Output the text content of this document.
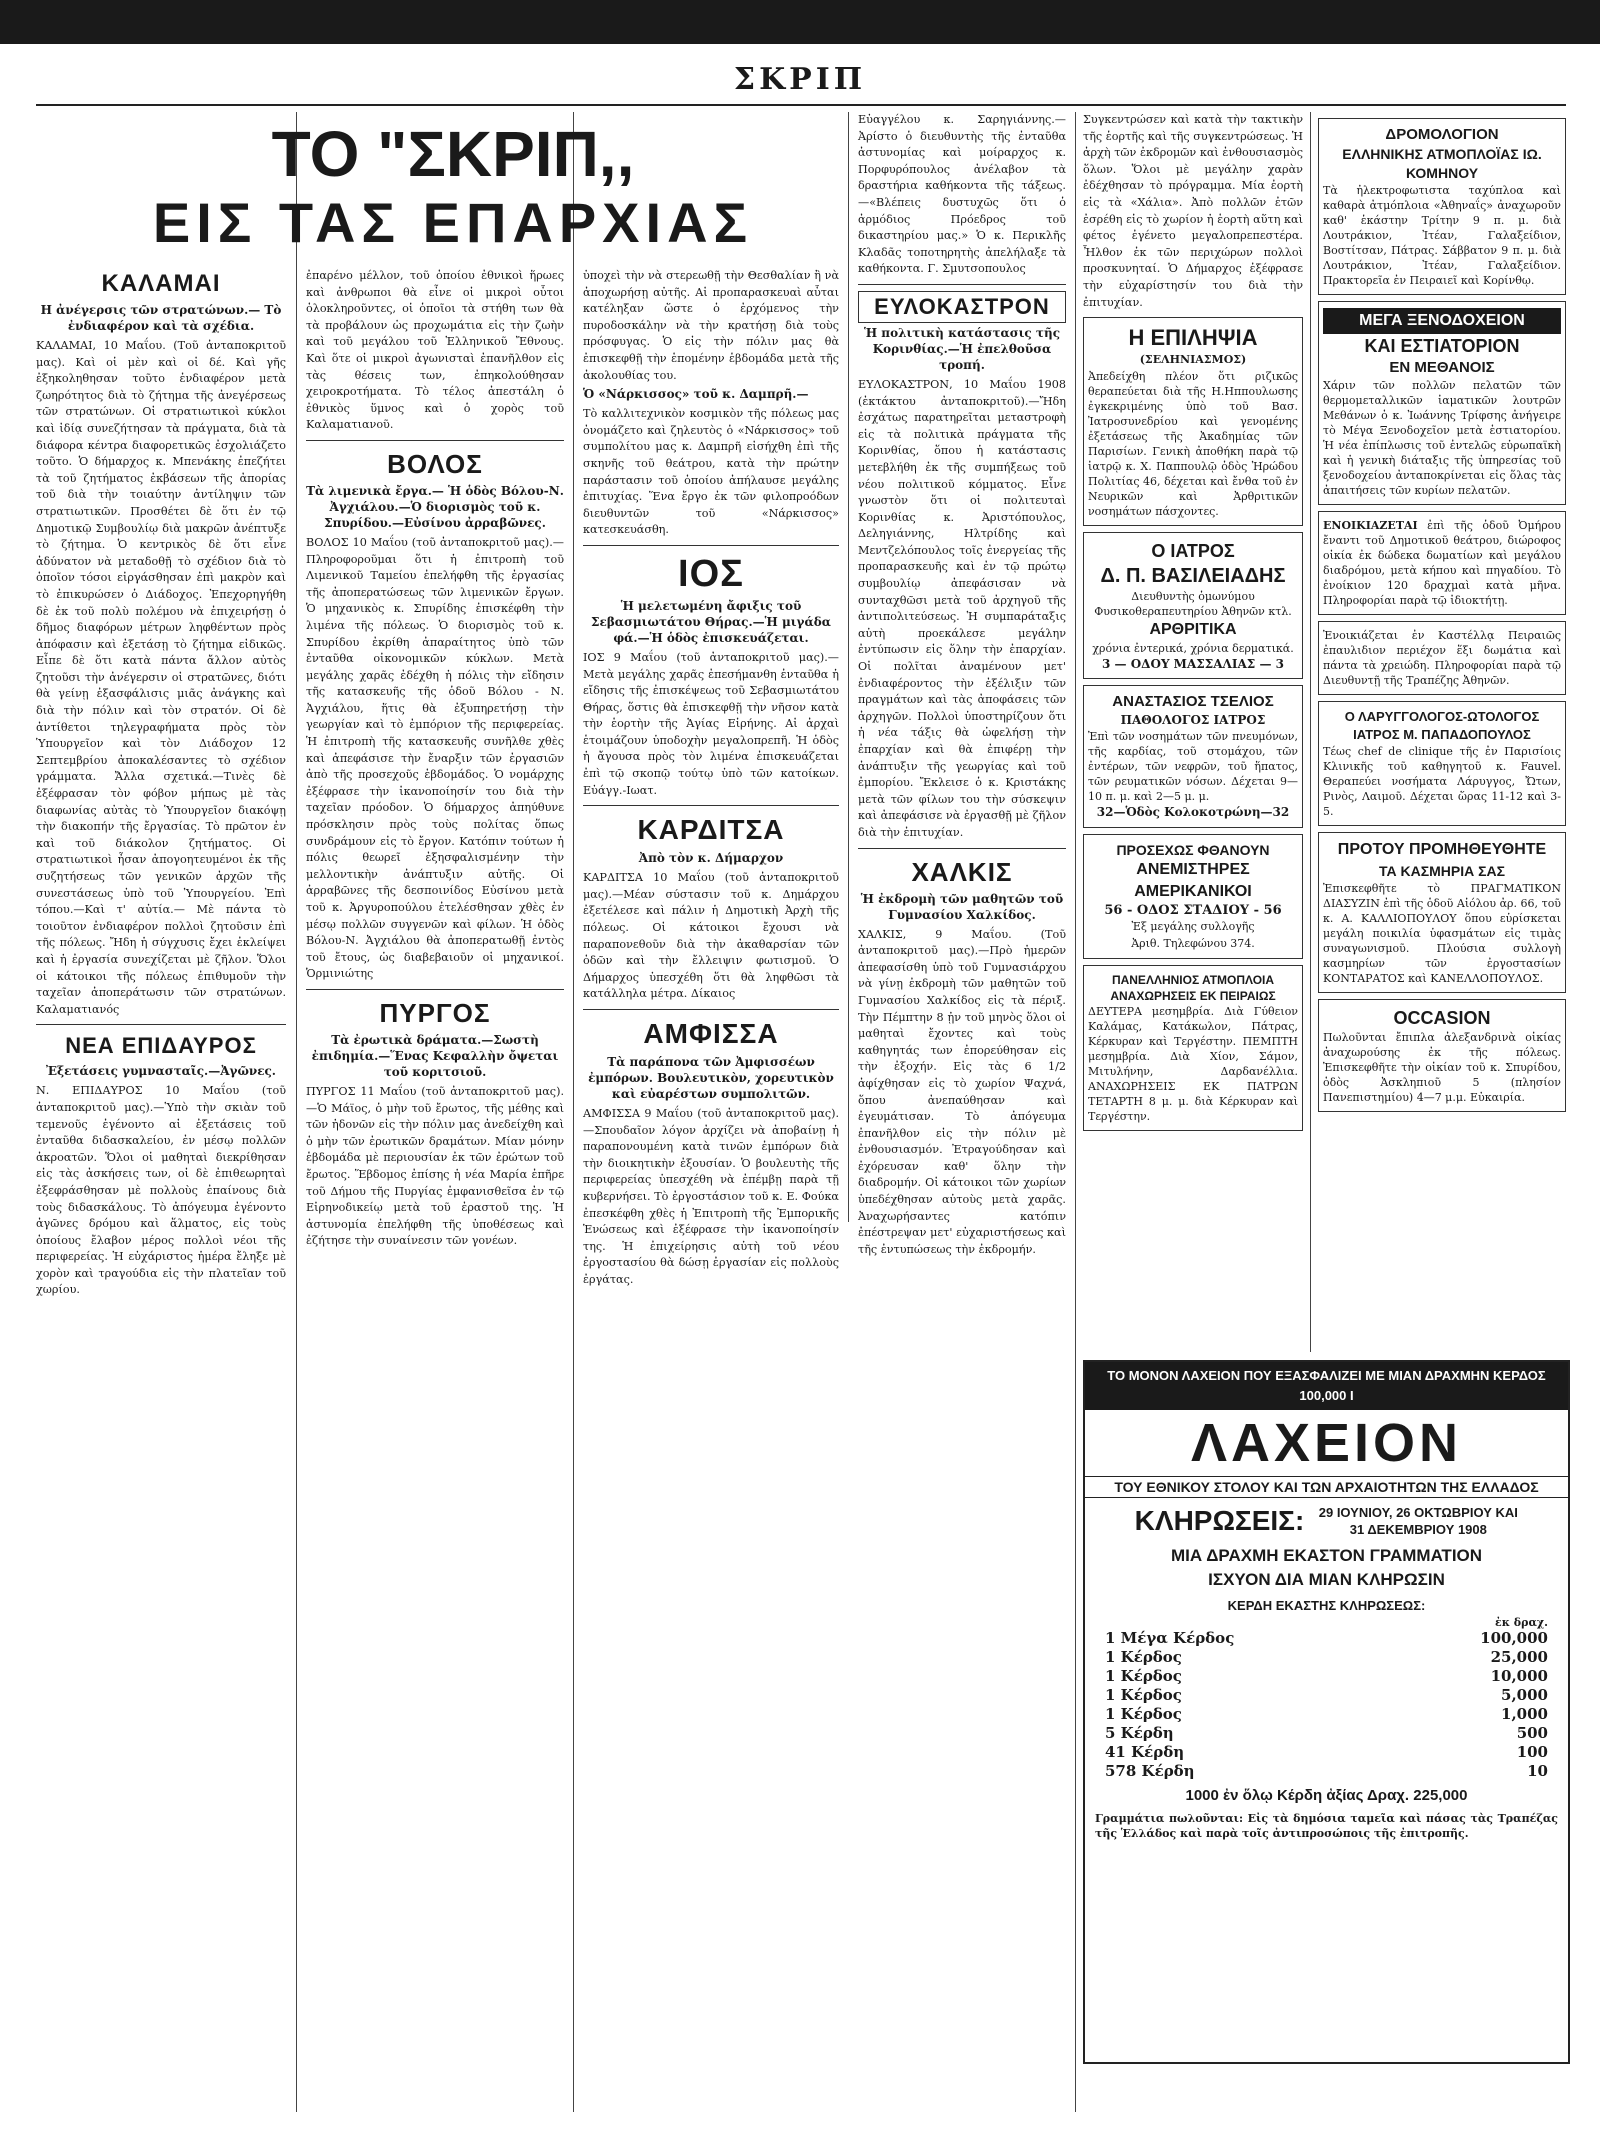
ΣΚΡΙΠ
ΤΟ "ΣΚΡΙΠ,,
ΕΙΣ ΤΑΣ ΕΠΑΡΧΙΑΣ
ΚΑΛΑΜΑΙ
Η ἀνέγερσις τῶν στρατώνων.— Τὸ ἐνδιαφέρον καὶ τὰ σχέδια.

ΚΑΛΑΜΑΙ, 10 Μαΐου. (Τοῦ ἀνταποκριτοῦ μας). Καὶ οἱ μὲν καὶ οἱ δέ. Καὶ γῆς ἐξηκοληθησαν τοῦτο ἐνδιαφέρον μετὰ ζωηρότητος διὰ τὸ ζήτημα τῆς ἀνεγέρσεως τῶν στρατώνων. Οἱ στρατιωτικοὶ κύκλοι καὶ ἰδίᾳ συνεζήτησαν τὰ πράγματα, διὰ τὰ διάφορα κέντρα διαφορετικῶς ἐσχολιάζετο τοῦτο. Ὁ δήμαρχος κ. Μπενάκης ἐπεζήτει τὰ τοῦ ζητήματος ἐκβάσεων τῆς ἀπορίας τοῦ διὰ τὴν τοιαύτην ἀντίληψιν τῶν στρατιωτικῶν. Προσθέτει δὲ ὅτι ἐν τῷ Δημοτικῷ Συμβουλίῳ διὰ μακρῶν ἀνέπτυξε τὸ ζήτημα. Ὁ κεντρικὸς δὲ ὅτι εἶνε ἀδύνατον νὰ μεταδοθῇ τὸ σχέδιον διὰ τὸ ὁποῖον τόσοι εἰργάσθησαν ἐπὶ μακρὸν καὶ τὸ ἐπικυρώσεν ὁ Διάδοχος. Ἐπεχορηγήθη δὲ ἐκ τοῦ πολὺ πολέμου νὰ ἐπιχειρήσῃ ὁ δῆμος διαφόρων μέτρων ληφθέντων πρὸς ἀπόφασιν καὶ ἐξετάσῃ τὸ ζήτημα εἰδικῶς. Εἶπε δὲ ὅτι κατὰ πάντα ἄλλον αὐτὸς ζητοῦσι τὴν ἀνέγερσιν οἱ στρατῶνες, διότι θὰ γείνῃ ἐξασφάλισις μιᾶς ἀνάγκης καὶ διὰ τὴν πόλιν καὶ τὸν στρατόν. Οἱ δὲ ἀντίθετοι τηλεγραφήματα πρὸς τὸν Ὑπουργεῖον καὶ τὸν Διάδοχον 12 Σεπτεμβρίου ἀποκαλέσαντες τὸ σχέδιον γράμματα. Ἄλλα σχετικά.—Τινὲς δὲ ἐξέφρασαν τὸν φόβον μήπως μὲ τὰς διαφωνίας αὐτὰς τὸ Ὑπουργεῖον διακόψῃ τὴν διακοπήν τῆς ἔργασίας. Τὸ πρῶτον ἐν καὶ τοῦ διάκολον ζητήματος. Οἱ στρατιωτικοὶ ἦσαν ἀπογοητευμένοι ἐκ τῆς συζητήσεως τῶν γενικῶν ἀρχῶν τῆς συνεστάσεως ὑπὸ τοῦ Ὑπουργείου. Ἐπὶ τόπου.—Καὶ τ' αὐτία.— Μὲ πάντα τὸ τοιοῦτον ἐνδιαφέρον πολλοὶ ζητοῦσιν ἐπὶ τῆς πόλεως. Ἤδη ἡ σύγχυσις ἔχει ἐκλείψει καὶ ἡ ἐργασία συνεχίζεται μὲ ζῆλον. Ὅλοι οἱ κάτοικοι τῆς πόλεως ἐπιθυμοῦν τὴν ταχεῖαν ἀποπεράτωσιν τῶν στρατώνων. Καλαματιανός

ΝΕΑ ΕΠΙΔΑΥΡΟΣ
Ἐξετάσεις γυμνασταῖς.—Ἀγῶνες.

Ν. ΕΠΙΔΑΥΡΟΣ 10 Μαΐου (τοῦ ἀνταποκριτοῦ μας).—Ὑπὸ τὴν σκιὰν τοῦ τεμενοῦς ἐγένοντο αἱ ἐξετάσεις τοῦ ἐνταῦθα διδασκαλείου, ἐν μέσῳ πολλῶν ἀκροατῶν. Ὅλοι οἱ μαθηταὶ διεκρίθησαν εἰς τὰς ἀσκήσεις των, οἱ δὲ ἐπιθεωρηταὶ ἐξεφράσθησαν μὲ πολλοὺς ἐπαίνους διὰ τοὺς διδασκάλους. Τὸ ἀπόγευμα ἐγένοντο ἀγῶνες δρόμου καὶ ἅλματος, εἰς τοὺς ὁποίους ἔλαβον μέρος πολλοὶ νέοι τῆς περιφερείας. Ἡ εὐχάριστος ἡμέρα ἔληξε μὲ χορὸν καὶ τραγούδια εἰς τὴν πλατεῖαν τοῦ χωρίου.

ἐπαρένο μέλλον, τοῦ ὁποίου ἐθνικοὶ ἥρωες καὶ ἀνθρωποι θὰ εἶνε οἱ μικροὶ οὗτοι ὁλοκληροῦντες, οἱ ὁποῖοι τὰ στήθη των θὰ τὰ προβάλουν ὡς προχωμάτια εἰς τὴν ζωὴν καὶ τοῦ μεγάλου τοῦ Ἑλληνικοῦ Ἔθνους. Καὶ ὅτε οἱ μικροὶ ἀγωνισταὶ ἐπανῆλθον εἰς τὰς θέσεις των, ἐπηκολούθησαν χειροκροτήματα. Τὸ τέλος ἀπεστάλη ὁ ἐθνικὸς ὕμνος καὶ ὁ χορὸς τοῦ Καλαματιανοῦ.

ΒΟΛΟΣ
Τὰ λιμενικὰ ἔργα.— Ἡ ὁδὸς Βόλου-Ν. Ἀγχιάλου.—Ὁ διορισμὸς τοῦ κ. Σπυρίδου.—Εὐσίνου ἀρραβῶνες.

ΒΟΛΟΣ 10 Μαΐου (τοῦ ἀνταποκριτοῦ μας).—Πληροφοροῦμαι ὅτι ἡ ἐπιτροπὴ τοῦ Λιμενικοῦ Ταμείου ἐπελήφθη τῆς ἐργασίας τῆς ἀποπερατώσεως τῶν λιμενικῶν ἔργων. Ὁ μηχανικὸς κ. Σπυρίδης ἐπισκέφθη τὴν λιμένα τῆς πόλεως. Ὁ διορισμὸς τοῦ κ. Σπυρίδου ἐκρίθη ἀπαραίτητος ὑπὸ τῶν ἐνταῦθα οἰκονομικῶν κύκλων. Μετὰ μεγάλης χαρᾶς ἐδέχθη ἡ πόλις τὴν εἴδησιν τῆς κατασκευῆς τῆς ὁδοῦ Βόλου - Ν. Ἀγχιάλου, ἥτις θὰ ἐξυπηρετήσῃ τὴν γεωργίαν καὶ τὸ ἐμπόριον τῆς περιφερείας. Ἡ ἐπιτροπὴ τῆς κατασκευῆς συνῆλθε χθὲς καὶ ἀπεφάσισε τὴν ἔναρξιν τῶν ἐργασιῶν ἀπὸ τῆς προσεχοῦς ἑβδομάδος. Ὁ νομάρχης ἐξέφρασε τὴν ἱκανοποίησίν του διὰ τὴν ταχεῖαν πρόοδον. Ὁ δήμαρχος ἀπηύθυνε πρόσκλησιν πρὸς τοὺς πολίτας ὅπως συνδράμουν εἰς τὸ ἔργον. Κατόπιν τούτων ἡ πόλις θεωρεῖ ἐξησφαλισμένην τὴν μελλοντικὴν ἀνάπτυξιν αὐτῆς. Οἱ ἀρραβῶνες τῆς δεσποινίδος Εὐσίνου μετὰ τοῦ κ. Ἀργυροπούλου ἐτελέσθησαν χθὲς ἐν μέσῳ πολλῶν συγγενῶν καὶ φίλων. Ἡ ὁδὸς Βόλου-Ν. Ἀγχιάλου θὰ ἀποπερατωθῇ ἐντὸς τοῦ ἔτους, ὡς διαβεβαιοῦν οἱ μηχανικοί. Ὁρμινιώτης

ΠΥΡΓΟΣ
Τὰ ἐρωτικὰ δράματα.—Σωστὴ ἐπιδημία.—Ἕνας Κεφαλλὴν ὄψεται τοῦ κοριτσιοῦ.

ΠΥΡΓΟΣ 11 Μαΐου (τοῦ ἀνταποκριτοῦ μας).—Ὁ Μάϊος, ὁ μὴν τοῦ ἔρωτος, τῆς μέθης καὶ τῶν ἡδονῶν εἰς τὴν πόλιν μας ἀνεδείχθη καὶ ὁ μὴν τῶν ἐρωτικῶν δραμάτων. Μίαν μόνην ἑβδομάδα μὲ περιουσίαν ἐκ τῶν ἐρώτων τοῦ ἔρωτος. Ἕβδομος ἐπίσης ἡ νέα Μαρία ἐπῆρε τοῦ Δήμου τῆς Πυργίας ἐμφανισθεῖσα ἐν τῷ Εἰρηνοδικείῳ μετὰ τοῦ ἐραστοῦ της. Ἡ ἀστυνομία ἐπελήφθη τῆς ὑποθέσεως καὶ ἐζήτησε τὴν συναίνεσιν τῶν γονέων.

ὑποχεὶ τὴν νὰ στερεωθῇ τὴν Θεσθαλίαν ἢ νὰ ἀποχωρήσῃ αὐτῆς. Αἱ προπαρασκευαὶ αὗται κατέληξαν ὥστε ὁ ἐρχόμενος τὴν πυροδοσκάλην νὰ τὴν κρατήσῃ διὰ τοὺς πρόσφυγας. Ὁ εἰς τὴν πόλιν μας θὰ ἐπισκεφθῇ τὴν ἑπομένην ἑβδομάδα μετὰ τῆς ἀκολουθίας του.

Ὁ «Νάρκισσος» τοῦ κ. Δαμπρῆ.—

Τὸ καλλιτεχνικὸν κοσμικὸν τῆς πόλεως μας ὀνομάζετο καὶ ζηλευτὸς ὁ «Νάρκισσος» τοῦ συμπολίτου μας κ. Δαμπρῆ εἰσήχθη ἐπὶ τῆς σκηνῆς τοῦ θεάτρου, κατὰ τὴν πρώτην παράστασιν τοῦ ὁποίου ἀπήλαυσε μεγάλης ἐπιτυχίας. Ἕνα ἔργο ἐκ τῶν φιλοπροόδων διευθυντῶν τοῦ «Νάρκισσος» κατεσκευάσθη.

ΙΟΣ
Ἡ μελετωμένη ἄφιξις τοῦ Σεβασμιωτάτου Θήρας.—Ἡ μιγάδα φά.—Ἡ ὁδὸς ἐπισκευάζεται.

ΙΟΣ 9 Μαΐου (τοῦ ἀνταποκριτοῦ μας).—Μετὰ μεγάλης χαρᾶς ἐπεσήμανθη ἐνταῦθα ἡ εἴδησις τῆς ἐπισκέψεως τοῦ Σεβασμιωτάτου Θήρας, ὅστις θὰ ἐπισκεφθῇ τὴν νῆσον κατὰ τὴν ἑορτὴν τῆς Ἁγίας Εἰρήνης. Αἱ ἀρχαὶ ἑτοιμάζουν ὑποδοχὴν μεγαλοπρεπῆ. Ἡ ὁδὸς ἡ ἄγουσα πρὸς τὸν λιμένα ἐπισκευάζεται ἐπὶ τῷ σκοπῷ τούτῳ ὑπὸ τῶν κατοίκων. Εὐάγγ.-Ιωατ.

ΚΑΡΔΙΤΣΑ
Ἀπὸ τὸν κ. Δήμαρχον

ΚΑΡΔΙΤΣΑ 10 Μαΐου (τοῦ ἀνταποκριτοῦ μας).—Μέαν σύστασιν τοῦ κ. Δημάρχου ἐξετέλεσε καὶ πάλιν ἡ Δημοτικὴ Ἀρχὴ τῆς πόλεως. Οἱ κάτοικοι ἔχουσι νὰ παραπονεθοῦν διὰ τὴν ἀκαθαρσίαν τῶν ὁδῶν καὶ τὴν ἔλλειψιν φωτισμοῦ. Ὁ Δήμαρχος ὑπεσχέθη ὅτι θὰ ληφθῶσι τὰ κατάλληλα μέτρα. Δίκαιος

ΑΜΦΙΣΣΑ
Τὰ παράπονα τῶν Ἀμφισσέων ἐμπόρων. Βουλευτικὸν, χορευτικὸν καὶ εὐαρέστων συμπολιτῶν.

ΑΜΦΙΣΣΑ 9 Μαΐου (τοῦ ἀνταποκριτοῦ μας).—Σπουδαῖον λόγον ἀρχίζει νὰ ἀποβαίνῃ ἡ παραπονουμένη κατὰ τινῶν ἐμπόρων διὰ τὴν διοικητικὴν ἐξουσίαν. Ὁ βουλευτὴς τῆς περιφερείας ὑπεσχέθη νὰ ἐπέμβῃ παρὰ τῇ κυβερνήσει. Τὸ ἐργοστάσιον τοῦ κ. Ε. Φούκα ἐπεσκέφθη χθὲς ἡ Ἐπιτροπὴ τῆς Ἐμπορικῆς Ἑνώσεως καὶ ἐξέφρασε τὴν ἱκανοποίησίν της. Ἡ ἐπιχείρησις αὐτὴ τοῦ νέου ἐργοστασίου θὰ δώσῃ ἐργασίαν εἰς πολλοὺς ἐργάτας.

Εὐαγγέλου κ. Σαρηγιάννης.—Ἀρίστο ὁ διευθυντὴς τῆς ἐνταῦθα ἀστυνομίας καὶ μοίραρχος κ. Πορφυρόπουλος ἀνέλαβον τὰ δραστήρια καθήκοντα τῆς τάξεως. —«Βλέπεις δυστυχῶς ὅτι ὁ ἀρμόδιος Πρόεδρος τοῦ δικαστηρίου μας.» Ὁ κ. Περικλῆς Κλαδᾶς τοποτηρητὴς ἀπελήλαξε τὰ καθήκοντα. Γ. Σμυτσοπουλος

ΕΥΛΟΚΑΣΤΡΟΝ
Ἡ πολιτικὴ κατάστασις τῆς Κορινθίας.—Ἡ ἐπελθοῦσα τροπή.

ΕΥΛΟΚΑΣΤΡΟΝ, 10 Μαΐου 1908 (ἐκτάκτου ἀνταποκριτοῦ).—Ἤδη ἐσχάτως παρατηρεῖται μεταστροφὴ εἰς τὰ πολιτικὰ πράγματα τῆς Κορινθίας, ὅπου ἡ κατάστασις μετεβλήθη ἐκ τῆς συμπήξεως τοῦ νέου πολιτικοῦ κόμματος. Εἶνε γνωστὸν ὅτι οἱ πολιτευταὶ Κορινθίας κ. Ἀριστόπουλος, Δεληγιάννης, Ηλτρίδης καὶ Μεντζελόπουλος τοῖς ἐνεργείας τῆς προπαρασκευῆς καὶ ἐν τῷ πρώτῳ συμβουλίῳ ἀπεφάσισαν νὰ συνταχθῶσι μετὰ τοῦ ἀρχηγοῦ τῆς ἀντιπολιτεύσεως. Ἡ συμπαράταξις αὐτὴ προεκάλεσε μεγάλην ἐντύπωσιν εἰς ὅλην τὴν ἐπαρχίαν. Οἱ πολῖται ἀναμένουν μετ' ἐνδιαφέροντος τὴν ἐξέλιξιν τῶν πραγμάτων καὶ τὰς ἀποφάσεις τῶν ἀρχηγῶν. Πολλοὶ ὑποστηρίζουν ὅτι ἡ νέα τάξις θὰ ὠφελήσῃ τὴν ἐπαρχίαν καὶ θὰ ἐπιφέρῃ τὴν ἀνάπτυξιν τῆς γεωργίας καὶ τοῦ ἐμπορίου. Ἔκλεισε ὁ κ. Κριστάκης μετὰ τῶν φίλων του τὴν σύσκεψιν καὶ ἀπεφάσισε νὰ ἐργασθῇ μὲ ζῆλον διὰ τὴν ἐπιτυχίαν.

ΧΑΛΚΙΣ
Ἡ ἐκδρομὴ τῶν μαθητῶν τοῦ Γυμνασίου Χαλκίδος.

ΧΑΛΚΙΣ, 9 Μαΐου. (Τοῦ ἀνταποκριτοῦ μας).—Πρὸ ἡμερῶν ἀπεφασίσθη ὑπὸ τοῦ Γυμνασιάρχου νὰ γίνῃ ἐκδρομὴ τῶν μαθητῶν τοῦ Γυμνασίου Χαλκίδος εἰς τὰ πέριξ. Τὴν Πέμπτην 8 ᾐν τοῦ μηνὸς ὅλοι οἱ μαθηταὶ ἔχοντες καὶ τοὺς καθηγητάς των ἐπορεύθησαν εἰς τὴν ἐξοχήν. Εἰς τὰς 6 1/2 ἀφίχθησαν εἰς τὸ χωρίον Ψαχνά, ὅπου ἀνεπαύθησαν καὶ ἐγευμάτισαν. Τὸ ἀπόγευμα ἐπανῆλθον εἰς τὴν πόλιν μὲ ἐνθουσιασμόν. Ἐτραγούδησαν καὶ ἐχόρευσαν καθ' ὅλην τὴν διαδρομήν. Οἱ κάτοικοι τῶν χωρίων ὑπεδέχθησαν αὐτοὺς μετὰ χαρᾶς. Ἀναχωρήσαντες κατόπιν ἐπέστρεψαν μετ' εὐχαριστήσεως καὶ τῆς ἐντυπώσεως τὴν ἐκδρομήν.

Συγκεντρώσεν καὶ κατὰ τὴν τακτικὴν τῆς ἑορτῆς καὶ τῆς συγκεντρώσεως. Ἡ ἀρχὴ τῶν ἐκδρομῶν καὶ ἐνθουσιασμὸς ὅλων. Ὅλοι μὲ μεγάλην χαρὰν ἐδέχθησαν τὸ πρόγραμμα. Μία ἐορτὴ εἰς τὰ «Χάλια». Ἀπὸ πολλῶν ἐτῶν ἐσρέθη εἰς τὸ χωρίον ἡ ἑορτὴ αὕτη καὶ φέτος ἐγένετο μεγαλοπρεπεστέρα. Ἦλθον ἐκ τῶν περιχώρων πολλοὶ προσκυνηταί. Ὁ Δήμαρχος ἐξέφρασε τὴν εὐχαρίστησίν του διὰ τὴν ἐπιτυχίαν.

Η ΕΠΙΛΗΨΙΑ
(ΣΕΛΗΝΙΑΣΜΟΣ)
Ἀπεδείχθη πλέον ὅτι ριζικῶς θεραπεύεται διὰ τῆς Η.Ηππουλωσης ἐγκεκριμένης ὑπὸ τοῦ Βασ. Ἰατροσυνεδρίου καὶ γενομένης ἐξετάσεως τῆς Ἀκαδημίας τῶν Παρισίων. Γενικὴ ἀποθήκη παρὰ τῷ ἰατρῷ κ. Χ. Παππουλῷ ὁδὸς Ἡρώδου Πολιτίας 46, δέχεται καὶ ἔνθα τοῦ ἐν Νευρικῶν καὶ Ἀρθριτικῶν νοσημάτων πάσχοντες.
Ο ΙΑΤΡΟΣ
Δ. Π. ΒΑΣΙΛΕΙΑΔΗΣ
Διευθυντὴς ὁμωνύμου Φυσικοθεραπευτηρίου Ἀθηνῶν κτλ.
ΑΡΘΡΙΤΙΚΑ
χρόνια ἐντερικά, χρόνια δερματικά.
3 — ΟΔΟΥ ΜΑΣΣΑΛΙΑΣ — 3
ΑΝΑΣΤΑΣΙΟΣ ΤΣΕΛΙΟΣ
ΠΑΘΟΛΟΓΟΣ ΙΑΤΡΟΣ
Ἐπὶ τῶν νοσημάτων τῶν πνευμόνων, τῆς καρδίας, τοῦ στομάχου, τῶν ἐντέρων, τῶν νεφρῶν, τοῦ ἥπατος, τῶν ρευματικῶν νόσων. Δέχεται 9—10 π. μ. καὶ 2—5 μ. μ.
32—Ὁδὸς Κολοκοτρώνη—32
ΠΡΟΣΕΧΩΣ ΦΘΑΝΟΥΝ
ΑΝΕΜΙΣΤΗΡΕΣ ΑΜΕΡΙΚΑΝΙΚΟΙ
56 - ΟΔΟΣ ΣΤΑΔΙΟΥ - 56
Ἐξ μεγάλης συλλογῆς
Ἀριθ. Τηλεφώνου 374.
ΠΑΝΕΛΛΗΝΙΟΣ ΑΤΜΟΠΛΟΙΑ
ΑΝΑΧΩΡΗΣΕΙΣ ΕΚ ΠΕΙΡΑΙΩΣ
ΔΕΥΤΕΡΑ μεσημβρία. Διὰ Γύθειον Καλάμας, Κατάκωλον, Πάτρας, Κέρκυραν καὶ Τεργέστην. ΠΕΜΠΤΗ μεσημβρία. Διὰ Χίον, Σάμον, Μιτυλήνην, Δαρδανέλλια. ΑΝΑΧΩΡΗΣΕΙΣ ΕΚ ΠΑΤΡΩΝ ΤΕΤΑΡΤΗ 8 μ. μ. διὰ Κέρκυραν καὶ Τεργέστην.
ΔΡΟΜΟΛΟΓΙΟΝ
ΕΛΛΗΝΙΚΗΣ ΑΤΜΟΠΛΟΪΑΣ ΙΩ. ΚΟΜΗΝΟΥ
Τὰ ἠλεκτροφωτιστα ταχύπλοα καὶ καθαρὰ ἀτμόπλοια «Ἀθηναΐς» ἀναχωροῦν καθ' ἑκάστην Τρίτην 9 π. μ. διὰ Λουτράκιον, Ἰτέαν, Γαλαξείδιον, Βοστίτσαν, Πάτρας. Σάββατον 9 π. μ. διὰ Λουτράκιον, Ἰτέαν, Γαλαξείδιον. Πρακτορεῖα ἐν Πειραιεῖ καὶ Κορίνθῳ.
ΜΕΓΑ ΞΕΝΟΔΟΧΕΙΟΝ
ΚΑΙ ΕΣΤΙΑΤΟΡΙΟΝ
ΕΝ ΜΕΘΑΝΟΙΣ
Χάριν τῶν πολλῶν πελατῶν τῶν θερμομεταλλικῶν ἰαματικῶν λουτρῶν Μεθάνων ὁ κ. Ἰωάννης Τρίφσης ἀνήγειρε τὸ Μέγα Ξενοδοχεῖον μετὰ ἑστιατορίου. Ἡ νέα ἐπίπλωσις τοῦ ἐντελῶς εὐρωπαϊκὴ καὶ ἡ γενικὴ διάταξις τῆς ὑπηρεσίας τοῦ ξενοδοχείου ἀνταποκρίνεται εἰς ὅλας τὰς ἀπαιτήσεις τῶν κυρίων πελατῶν.
ΕΝΟΙΚΙΑΖΕΤΑΙ ἐπὶ τῆς ὁδοῦ Ὀμήρου ἔναντι τοῦ Δημοτικοῦ θεάτρου, διώροφος οἰκία ἐκ δώδεκα δωματίων καὶ μεγάλου διαδρόμου, μετὰ κήπου καὶ πηγαδίου. Τὸ ἐνοίκιον 120 δραχμαὶ κατὰ μῆνα. Πληροφορίαι παρὰ τῷ ἰδιοκτήτῃ.
Ἐνοικιάζεται ἐν Καστέλλᾳ Πειραιῶς ἐπαυλιδιον περιέχον ἕξι δωμάτια καὶ πάντα τὰ χρειώδη. Πληροφορίαι παρὰ τῷ Διευθυντῇ τῆς Τραπέζης Ἀθηνῶν.
Ο ΛΑΡΥΓΓΟΛΟΓΟΣ-ΩΤΟΛΟΓΟΣ
ΙΑΤΡΟΣ Μ. ΠΑΠΑΔΟΠΟΥΛΟΣ
Τέως chef de clinique τῆς ἐν Παρισίοις Κλινικῆς τοῦ καθηγητοῦ κ. Fauvel. Θεραπεύει νοσήματα Λάρυγγος, Ὤτων, Ρινὸς, Λαιμοῦ. Δέχεται ὥρας 11-12 καὶ 3-5.
ΠΡΟΤΟΥ ΠΡΟΜΗΘΕΥΘΗΤΕ
ΤΑ ΚΑΣΜΗΡΙΑ ΣΑΣ
Ἐπισκεφθῆτε τὸ ΠΡΑΓΜΑΤΙΚΟΝ ΔΙΑΣΥΖΙΝ ἐπὶ τῆς ὁδοῦ Αἰόλου ἀρ. 66, τοῦ κ. Α. ΚΑΛΛΙΟΠΟΥΛΟΥ ὅπου εὑρίσκεται μεγάλη ποικιλία ὑφασμάτων εἰς τιμὰς συναγωνισμοῦ. Πλούσια συλλογὴ κασμηρίων τῶν ἐργοστασίων ΚΟΝΤΑΡΑΤΟΣ καὶ ΚΑΝΕΛΛΟΠΟΥΛΟΣ.
OCCASION
Πωλοῦνται ἔπιπλα ἀλεξανδρινὰ οἰκίας ἀναχωρούσης ἐκ τῆς πόλεως. Ἐπισκεφθῆτε τὴν οἰκίαν τοῦ κ. Σπυρίδου, ὁδὸς Ἀσκληπιοῦ 5 (πλησίον Πανεπιστημίου) 4—7 μ.μ. Εὐκαιρία.
ΤΟ ΜΟΝΟΝ ΛΑΧΕΙΟΝ ΠΟΥ ΕΞΑΣΦΑΛΙΖΕΙ ΜΕ ΜΙΑΝ ΔΡΑΧΜΗΝ ΚΕΡΔΟΣ 100,000 Ι
ΛΑΧΕΙΟΝ
ΤΟΥ ΕΘΝΙΚΟΥ ΣΤΟΛΟΥ ΚΑΙ ΤΩΝ ΑΡΧΑΙΟΤΗΤΩΝ ΤΗΣ ΕΛΛΑΔΟΣ
ΚΛΗΡΩΣΕΙΣ: 29 ΙΟΥΝΙΟΥ, 26 ΟΚΤΩΒΡΙΟΥ ΚΑΙ 31 ΔΕΚΕΜΒΡΙΟΥ 1908
ΜΙΑ ΔΡΑΧΜΗ ΕΚΑΣΤΟΝ ΓΡΑΜΜΑΤΙΟΝ
ΙΣΧΥΟΝ ΔΙΑ ΜΙΑΝ ΚΛΗΡΩΣΙΝ
ΚΕΡΔΗ ΕΚΑΣΤΗΣ ΚΛΗΡΩΣΕΩΣ:
ἐκ δραχ.
1 Μέγα Κέρδος	100,000
1 Κέρδος	25,000
1 Κέρδος	10,000
1 Κέρδος	5,000
1 Κέρδος	1,000
5 Κέρδη	500
41 Κέρδη	100
578 Κέρδη	10
1000 ἐν ὅλῳ Κέρδη ἀξίας Δραχ. 225,000
Γραμμάτια πωλοῦνται: Εἰς τὰ δημόσια ταμεῖα καὶ πάσας τὰς Τραπέζας τῆς Ἑλλάδος καὶ παρὰ τοῖς ἀντιπροσώποις τῆς ἐπιτροπῆς.
